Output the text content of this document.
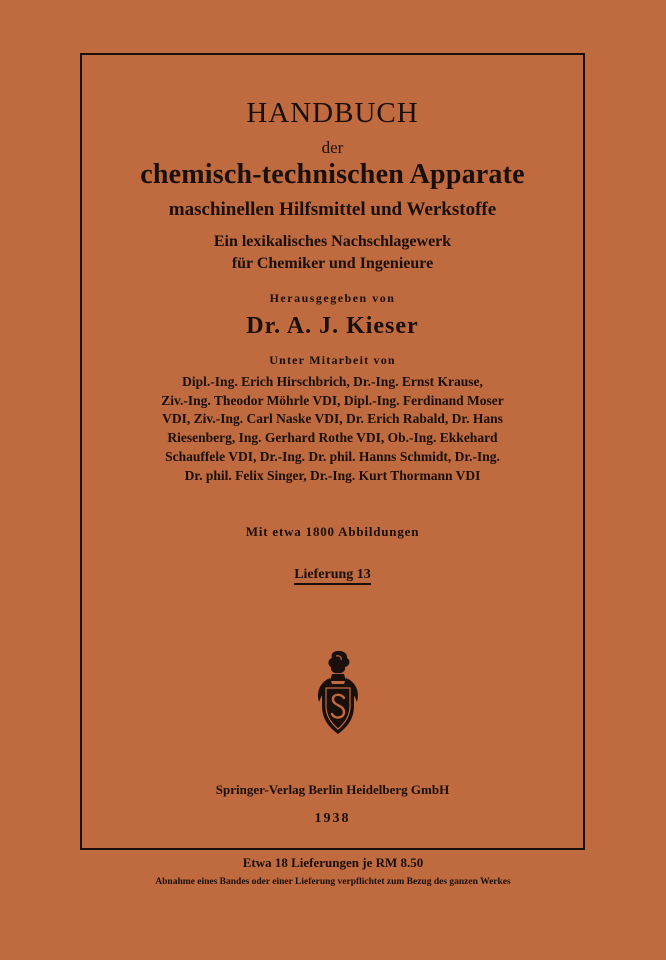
HANDBUCH
der
chemisch-technischen Apparate
maschinellen Hilfsmittel und Werkstoffe
Ein lexikalisches Nachschlagewerk
für Chemiker und Ingenieure
Herausgegeben von
Dr. A. J. Kieser
Unter Mitarbeit von
Dipl.-Ing. Erich Hirschbrich, Dr.-Ing. Ernst Krause,
Ziv.-Ing. Theodor Möhrle VDI, Dipl.-Ing. Ferdinand Moser
VDI, Ziv.-Ing. Carl Naske VDI, Dr. Erich Rabald, Dr. Hans
Riesenberg, Ing. Gerhard Rothe VDI, Ob.-Ing. Ekkehard
Schauffele VDI, Dr.-Ing. Dr. phil. Hanns Schmidt, Dr.-Ing.
Dr. phil. Felix Singer, Dr.-Ing. Kurt Thormann VDI
Mit etwa 1800 Abbildungen
Lieferung 13
Springer-Verlag Berlin Heidelberg GmbH
1938
Etwa 18 Lieferungen je RM 8.50
Abnahme eines Bandes oder einer Lieferung verpflichtet zum Bezug des ganzen Werkes
